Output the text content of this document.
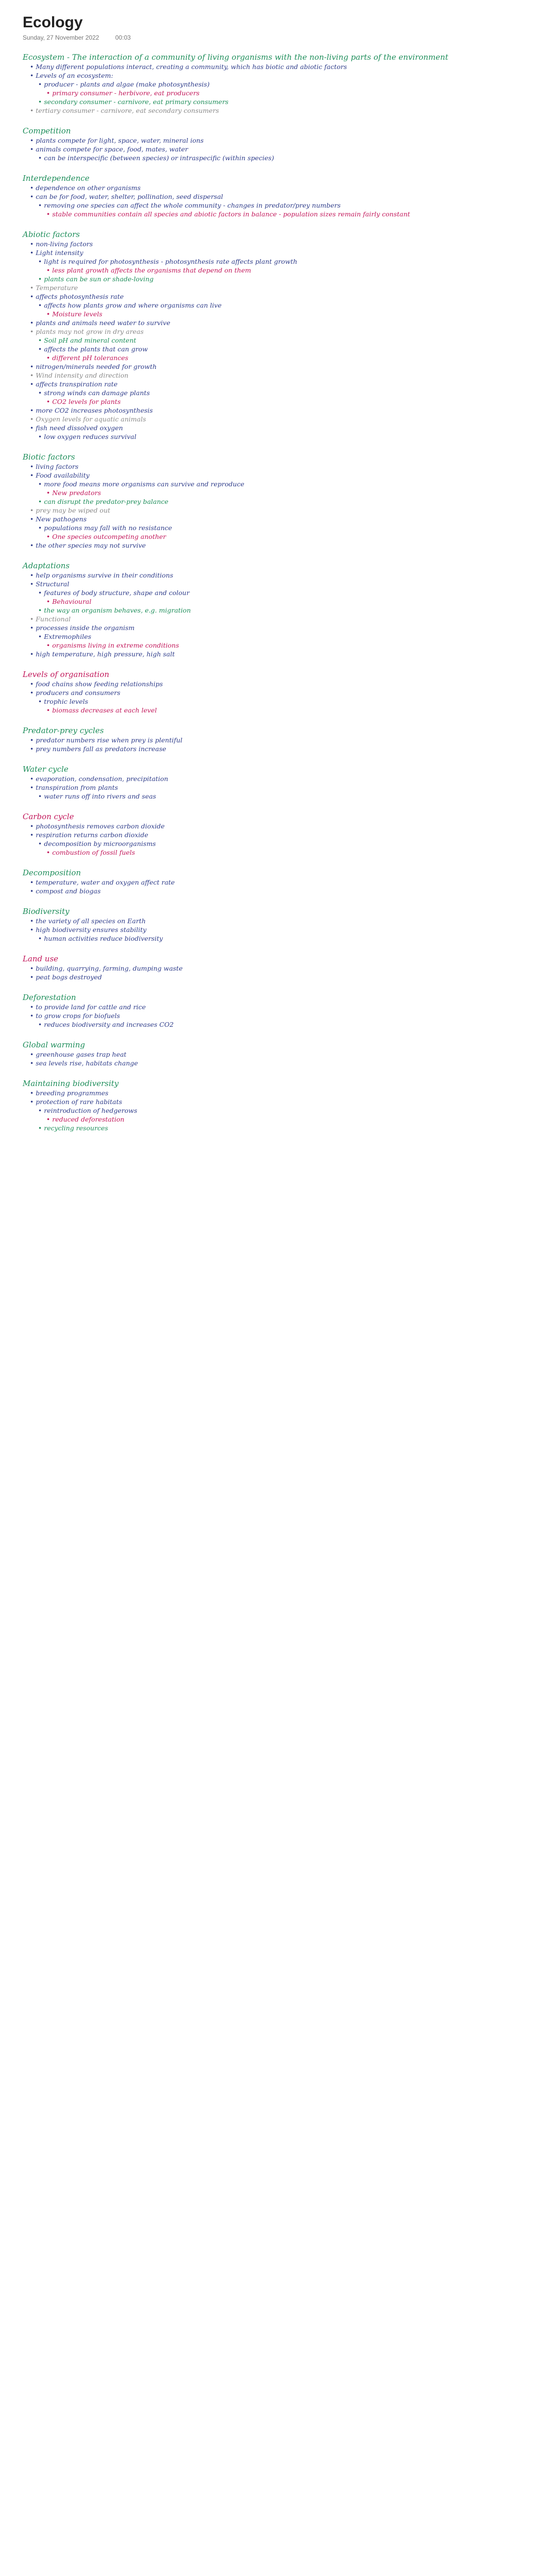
Ecology
Sunday, 27 November 2022	00:03
Ecosystem - The interaction of a community of living organisms with the non-living parts of the environment
• Many different populations interact, creating a community, which has biotic and abiotic factors
• Levels of an ecosystem:
• producer - plants and algae (make photosynthesis)
• primary consumer - herbivore, eat producers
• secondary consumer - carnivore, eat primary consumers
• tertiary consumer - carnivore, eat secondary consumers
Competition
• plants compete for light, space, water, mineral ions
• animals compete for space, food, mates, water
• can be interspecific (between species) or intraspecific (within species)
Interdependence
• dependence on other organisms
• can be for food, water, shelter, pollination, seed dispersal
• removing one species can affect the whole community - changes in predator/prey numbers
• stable communities contain all species and abiotic factors in balance - population sizes remain fairly constant
Abiotic factors
• non-living factors
• Light intensity
• light is required for photosynthesis - photosynthesis rate affects plant growth
• less plant growth affects the organisms that depend on them
• plants can be sun or shade-loving
• Temperature
• affects photosynthesis rate
• affects how plants grow and where organisms can live
• Moisture levels
• plants and animals need water to survive
• plants may not grow in dry areas
• Soil pH and mineral content
• affects the plants that can grow
• different pH tolerances
• nitrogen/minerals needed for growth
• Wind intensity and direction
• affects transpiration rate
• strong winds can damage plants
• CO2 levels for plants
• more CO2 increases photosynthesis
• Oxygen levels for aquatic animals
• fish need dissolved oxygen
• low oxygen reduces survival
Biotic factors
• living factors
• Food availability
• more food means more organisms can survive and reproduce
• New predators
• can disrupt the predator-prey balance
• prey may be wiped out
• New pathogens
• populations may fall with no resistance
• One species outcompeting another
• the other species may not survive
Adaptations
• help organisms survive in their conditions
• Structural
• features of body structure, shape and colour
• Behavioural
• the way an organism behaves, e.g. migration
• Functional
• processes inside the organism
• Extremophiles
• organisms living in extreme conditions
• high temperature, high pressure, high salt
Levels of organisation
• food chains show feeding relationships
• producers and consumers
• trophic levels
• biomass decreases at each level
Predator-prey cycles
• predator numbers rise when prey is plentiful
• prey numbers fall as predators increase
Water cycle
• evaporation, condensation, precipitation
• transpiration from plants
• water runs off into rivers and seas
Carbon cycle
• photosynthesis removes carbon dioxide
• respiration returns carbon dioxide
• decomposition by microorganisms
• combustion of fossil fuels
Decomposition
• temperature, water and oxygen affect rate
• compost and biogas
Biodiversity
• the variety of all species on Earth
• high biodiversity ensures stability
• human activities reduce biodiversity
Land use
• building, quarrying, farming, dumping waste
• peat bogs destroyed
Deforestation
• to provide land for cattle and rice
• to grow crops for biofuels
• reduces biodiversity and increases CO2
Global warming
• greenhouse gases trap heat
• sea levels rise, habitats change
Maintaining biodiversity
• breeding programmes
• protection of rare habitats
• reintroduction of hedgerows
• reduced deforestation
• recycling resources
